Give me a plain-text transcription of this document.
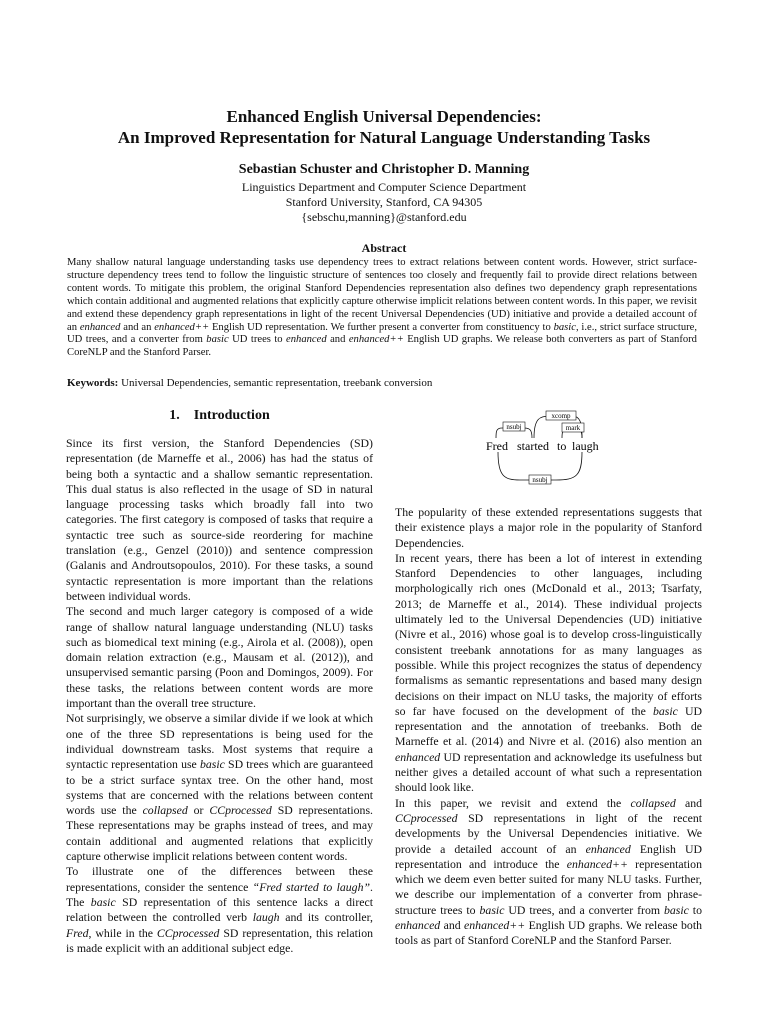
Enhanced English Universal Dependencies:
An Improved Representation for Natural Language Understanding Tasks
Sebastian Schuster and Christopher D. Manning
Linguistics Department and Computer Science Department
Stanford University, Stanford, CA 94305
{sebschu,manning}@stanford.edu
Abstract
Many shallow natural language understanding tasks use dependency trees to extract relations between content words. However, strict surface-structure dependency trees tend to follow the linguistic structure of sentences too closely and frequently fail to provide direct relations between content words. To mitigate this problem, the original Stanford Dependencies representation also defines two dependency graph representations which contain additional and augmented relations that explicitly capture otherwise implicit relations between content words. In this paper, we revisit and extend these dependency graph representations in light of the recent Universal Dependencies (UD) initiative and provide a detailed account of an enhanced and an enhanced++ English UD representation. We further present a converter from constituency to basic, i.e., strict surface structure, UD trees, and a converter from basic UD trees to enhanced and enhanced++ English UD graphs. We release both converters as part of Stanford CoreNLP and the Stanford Parser.
Keywords: Universal Dependencies, semantic representation, treebank conversion
1. Introduction

Since its first version, the Stanford Dependencies (SD) representation (de Marneffe et al., 2006) has had the status of being both a syntactic and a shallow semantic representation. This dual status is also reflected in the usage of SD in natural language processing tasks which broadly fall into two categories. The first category is composed of tasks that require a syntactic tree such as source-side reordering for machine translation (e.g., Genzel (2010)) and sentence compression (Galanis and Androutsopoulos, 2010). For these tasks, a sound syntactic representation is more important than the relations between individual words.

The second and much larger category is composed of a wide range of shallow natural language understanding (NLU) tasks such as biomedical text mining (e.g., Airola et al. (2008)), open domain relation extraction (e.g., Mausam et al. (2012)), and unsupervised semantic parsing (Poon and Domingos, 2009). For these tasks, the relations between content words are more important than the overall tree structure.

Not surprisingly, we observe a similar divide if we look at which one of the three SD representations is being used for the individual downstream tasks. Most systems that require a syntactic representation use basic SD trees which are guaranteed to be a strict surface syntax tree. On the other hand, most systems that are concerned with the relations between content words use the collapsed or CCprocessed SD representations. These representations may be graphs instead of trees, and may contain additional and augmented relations that explicitly capture otherwise implicit relations between content words.

To illustrate one of the differences between these representations, consider the sentence “Fred started to laugh”. The basic SD representation of this sentence lacks a direct relation between the controlled verb laugh and its controller, Fred, while in the CCprocessed SD representation, this relation is made explicit with an additional subject edge.

xcomp
nsubj	mark
nsubj
Fred started to laugh

The popularity of these extended representations suggests that their existence plays a major role in the popularity of Stanford Dependencies.

In recent years, there has been a lot of interest in extending Stanford Dependencies to other languages, including morphologically rich ones (McDonald et al., 2013; Tsarfaty, 2013; de Marneffe et al., 2014). These individual projects ultimately led to the Universal Dependencies (UD) initiative (Nivre et al., 2016) whose goal is to develop cross-linguistically consistent treebank annotations for as many languages as possible. While this project recognizes the status of dependency formalisms as semantic representations and based many design decisions on their impact on NLU tasks, the majority of efforts so far have focused on the development of the basic UD representation and the annotation of treebanks. Both de Marneffe et al. (2014) and Nivre et al. (2016) also mention an enhanced UD representation and acknowledge its usefulness but neither gives a detailed account of what such a representation should look like.

In this paper, we revisit and extend the collapsed and CCprocessed SD representations in light of the recent developments by the Universal Dependencies initiative. We provide a detailed account of an enhanced English UD representation and introduce the enhanced++ representation which we deem even better suited for many NLU tasks. Further, we describe our implementation of a converter from phrase-structure trees to basic UD trees, and a converter from basic to enhanced and enhanced++ English UD graphs. We release both tools as part of Stanford CoreNLP and the Stanford Parser.
